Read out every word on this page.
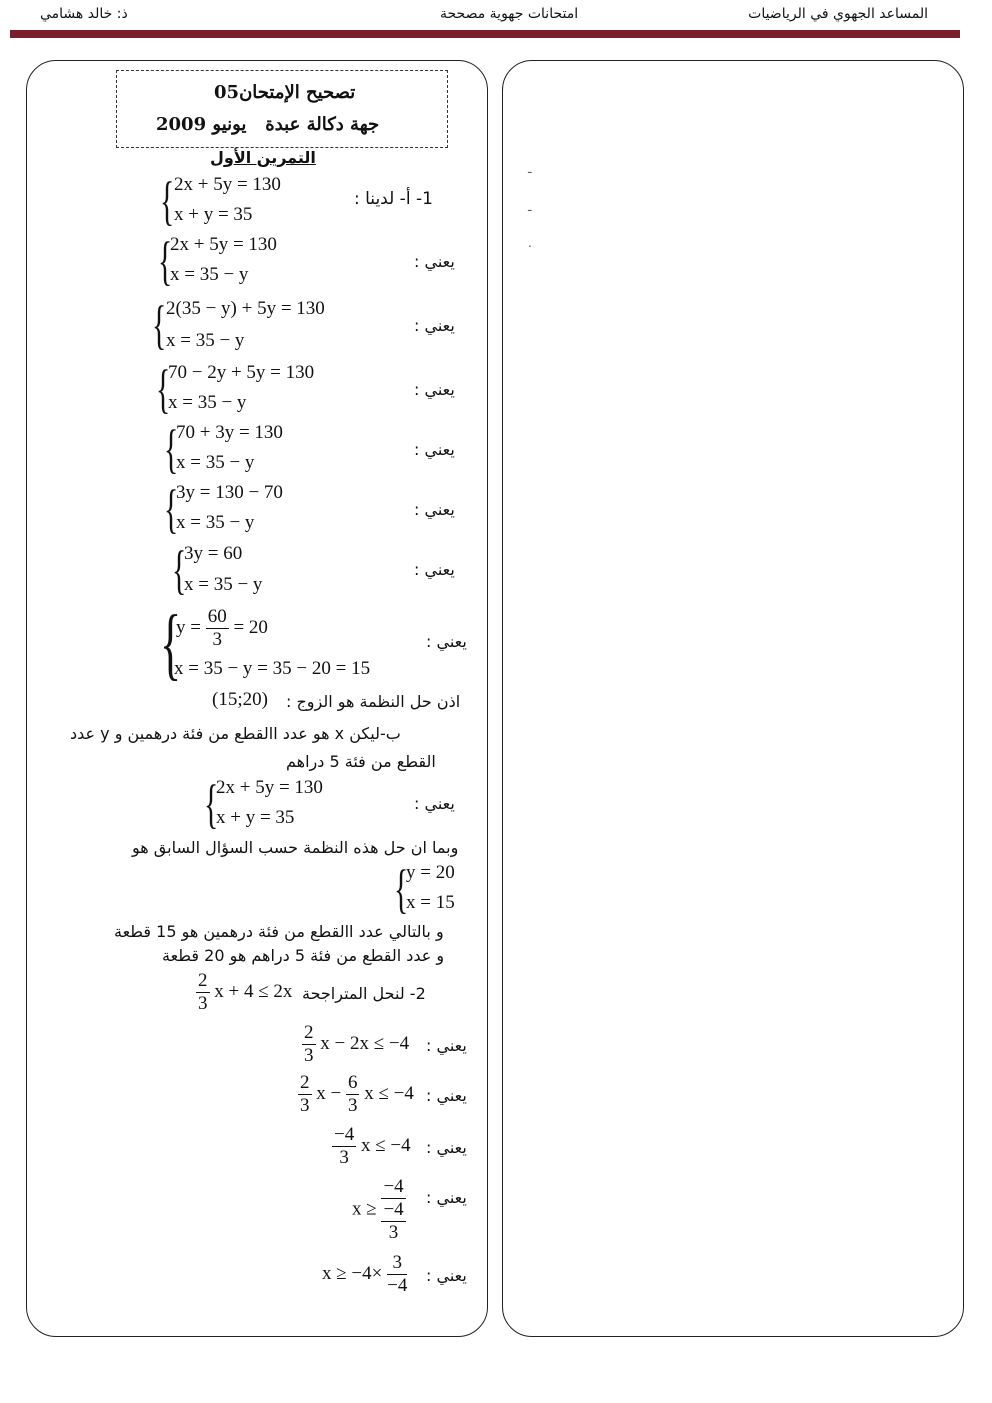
المساعد الجهوي في الرياضيات
امتحانات جهوية مصححة
ذ: خالد هشامي
ـ
ـ
.
تصحيح الإمتحان05
جهة دكالة عبدة   يونيو 2009
التمرين الأول
1- أ- لدينا :
{ 2x + 5y = 130
x + y = 35
يعني :
{
2x + 5y = 130
x = 35 − y
يعني :
{ 2(35 − y) + 5y = 130
x = 35 − y
يعني :
{
70 − 2y + 5y = 130
x = 35 − y
يعني :
{
70 + 3y = 130
x = 35 − y
يعني :
{
3y = 130 − 70
x = 35 − y
يعني :
{
3y = 60
x = 35 − y
يعني :
{
$y = \frac{60}{3} = 20$
x = 35 − y = 35 − 20 = 15
اذن حل النظمة هو الزوج :
(15;20)
ب-ليكن x هو عدد االقطع من فئة درهمين و y عدد
القطع من فئة 5 دراهم
يعني :
{
2x + 5y = 130
x + y = 35
وبما ان حل هذه النظمة حسب السؤال السابق هو
{
y = 20
x = 15
و بالتالي عدد االقطع من فئة درهمين هو 15 قطعة
و عدد القطع من فئة 5 دراهم هو 20 قطعة
2- لنحل المتراجحة
$\frac{2}{3}$ x + 4 ≤ 2x
يعني :
$\frac{2}{3}$ x − 2x ≤ −4
يعني :
$\frac{2}{3}$ $x - \frac{6}{3}$ x ≤ −4
يعني :
$\frac{-4}{3}$ x ≤ −4
يعني :
x ≥ −4
−4
3
يعني :
$x \ge -4\times \frac{3}{-4}$
